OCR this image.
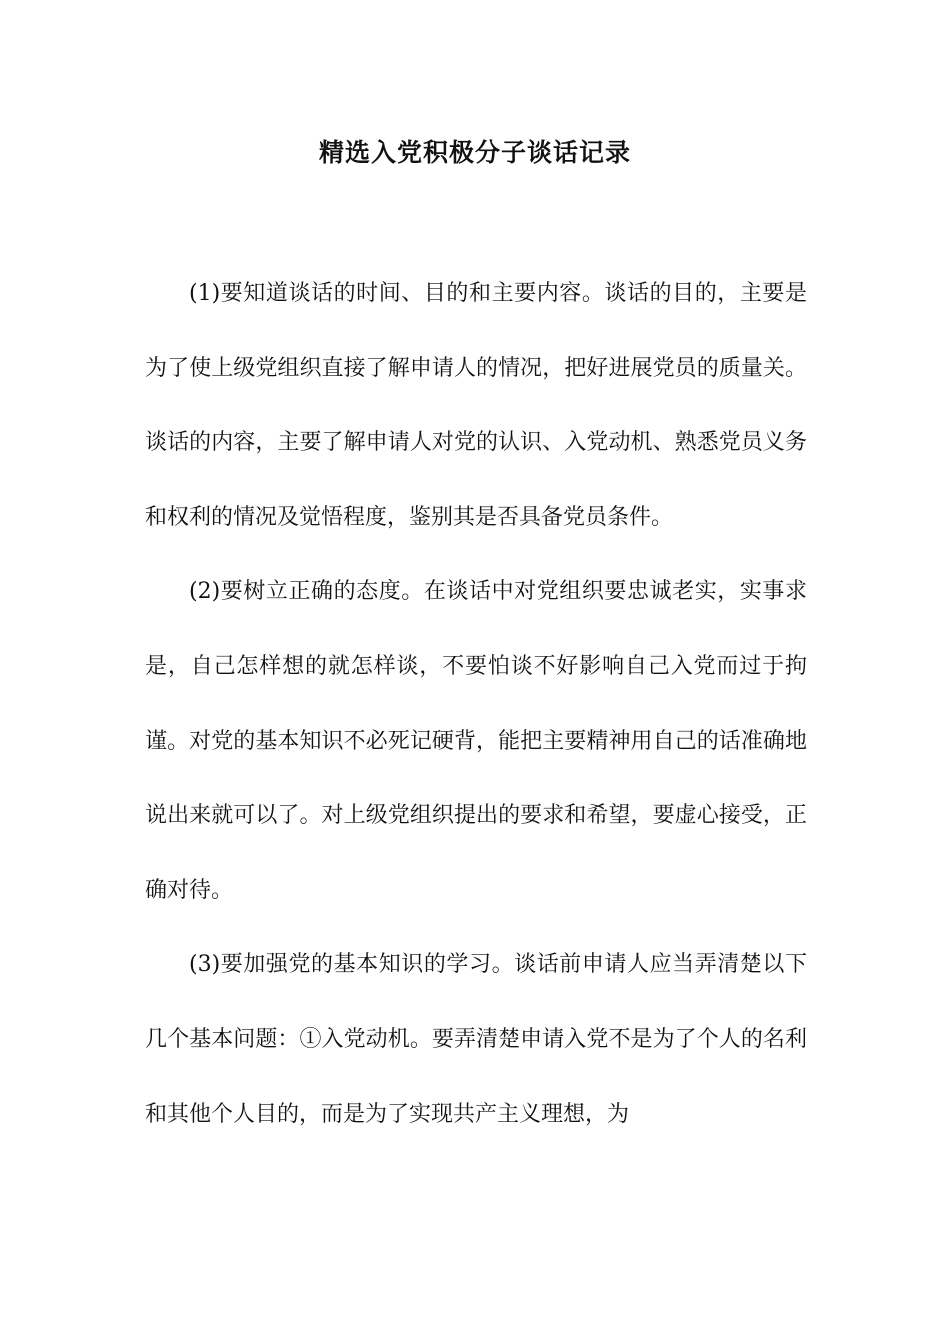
精选入党积极分子谈话记录

(1)要知道谈话的时间、目的和主要内容。谈话的目的，主要是为了使上级党组织直接了解申请人的情况，把好进展党员的质量关。谈话的内容，主要了解申请人对党的认识、入党动机、熟悉党员义务和权利的情况及觉悟程度，鉴别其是否具备党员条件。

(2)要树立正确的态度。在谈话中对党组织要忠诚老实，实事求是，自己怎样想的就怎样谈，不要怕谈不好影响自己入党而过于拘谨。对党的基本知识不必死记硬背，能把主要精神用自己的话准确地说出来就可以了。对上级党组织提出的要求和希望，要虚心接受，正确对待。

(3)要加强党的基本知识的学习。谈话前申请人应当弄清楚以下几个基本问题：①入党动机。要弄清楚申请入党不是为了个人的名利和其他个人目的，而是为了实现共产主义理想，为
